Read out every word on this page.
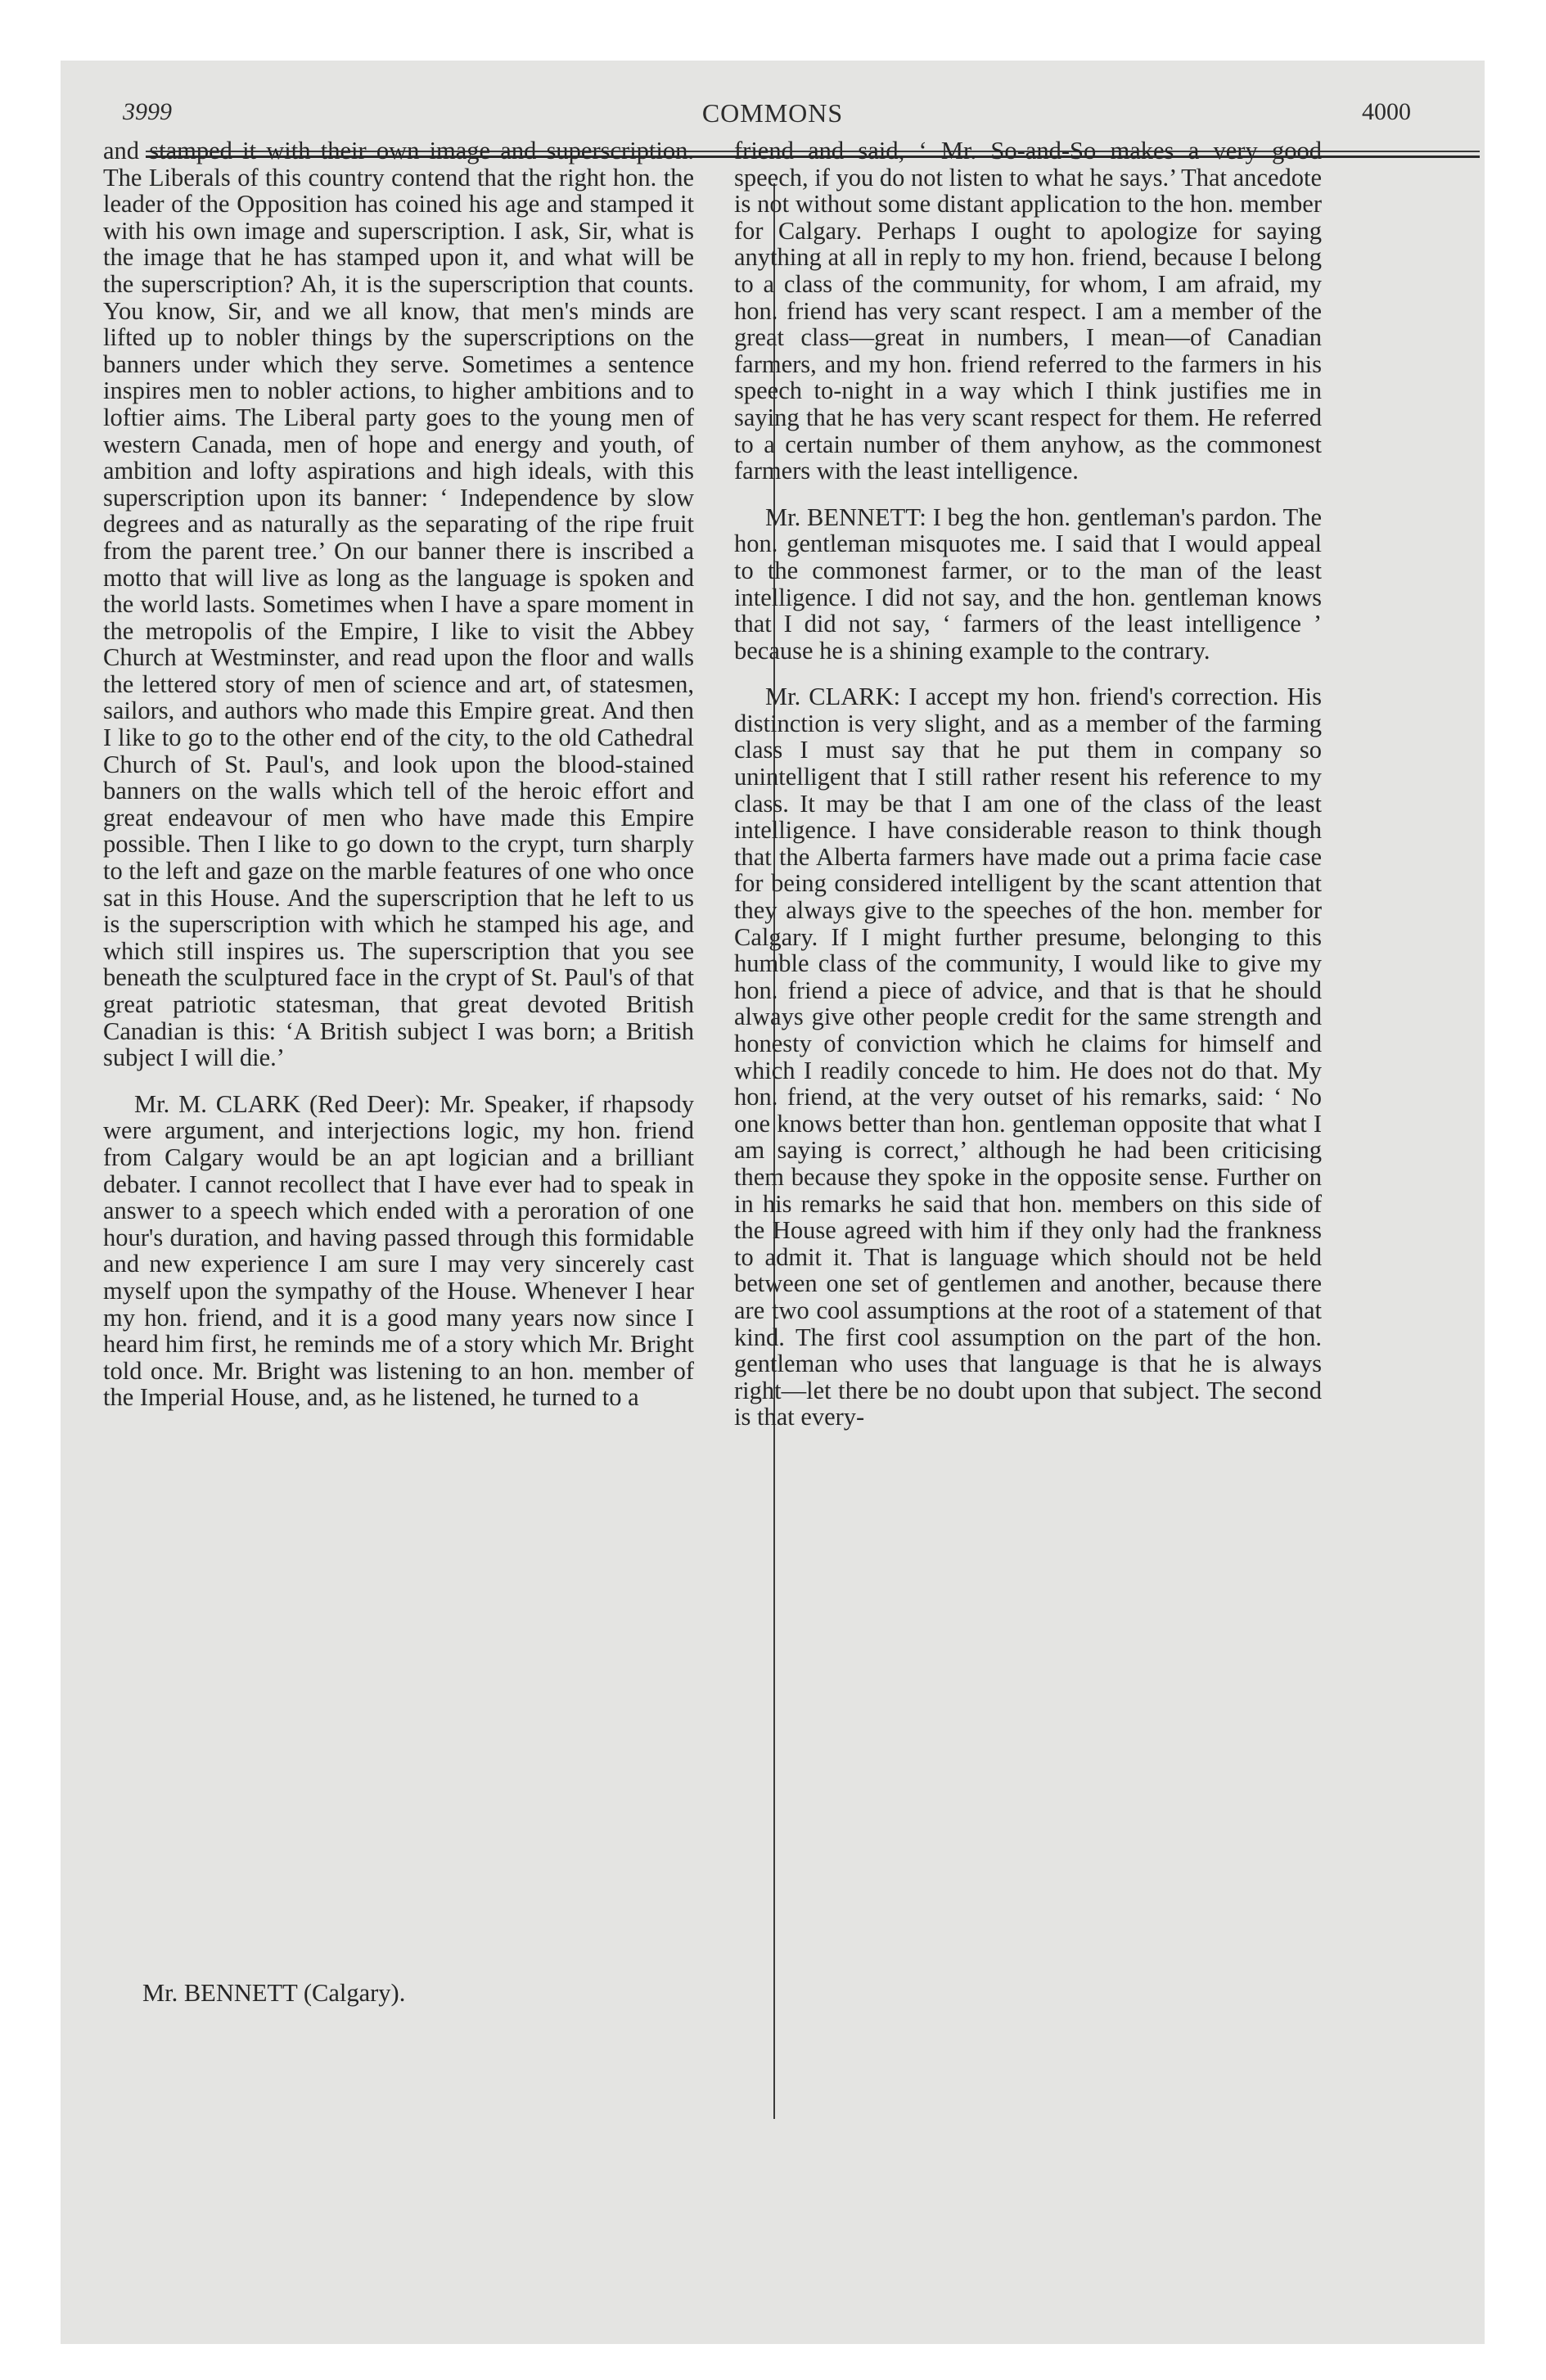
3999	COMMONS	4000

and stamped it with their own image and superscription. The Liberals of this country contend that the right hon. the leader of the Opposition has coined his age and stamped it with his own image and superscription. I ask, Sir, what is the image that he has stamped upon it, and what will be the superscription? Ah, it is the superscription that counts. You know, Sir, and we all know, that men's minds are lifted up to nobler things by the superscriptions on the banners under which they serve. Sometimes a sentence inspires men to nobler actions, to higher ambitions and to loftier aims. The Liberal party goes to the young men of western Canada, men of hope and energy and youth, of ambition and lofty aspirations and high ideals, with this superscription upon its banner: ‘ Independence by slow degrees and as naturally as the separating of the ripe fruit from the parent tree.’ On our banner there is inscribed a motto that will live as long as the language is spoken and the world lasts. Sometimes when I have a spare moment in the metropolis of the Empire, I like to visit the Abbey Church at Westminster, and read upon the floor and walls the lettered story of men of science and art, of statesmen, sailors, and authors who made this Empire great. And then I like to go to the other end of the city, to the old Cathedral Church of St. Paul's, and look upon the blood-stained banners on the walls which tell of the heroic effort and great endeavour of men who have made this Empire possible. Then I like to go down to the crypt, turn sharply to the left and gaze on the marble features of one who once sat in this House. And the superscription that he left to us is the superscription with which he stamped his age, and which still inspires us. The superscription that you see beneath the sculptured face in the crypt of St. Paul's of that great patriotic statesman, that great devoted British Canadian is this: ‘A British subject I was born; a British subject I will die.’

Mr. M. CLARK (Red Deer): Mr. Speaker, if rhapsody were argument, and interjections logic, my hon. friend from Calgary would be an apt logician and a brilliant debater. I cannot recollect that I have ever had to speak in answer to a speech which ended with a peroration of one hour's duration, and having passed through this formidable and new experience I am sure I may very sincerely cast myself upon the sympathy of the House. Whenever I hear my hon. friend, and it is a good many years now since I heard him first, he reminds me of a story which Mr. Bright told once. Mr. Bright was listening to an hon. member of the Imperial House, and, as he listened, he turned to a

Mr. BENNETT (Calgary).

friend and said, ‘ Mr. So-and-So makes a very good speech, if you do not listen to what he says.’ That ancedote is not without some distant application to the hon. member for Calgary. Perhaps I ought to apologize for saying anything at all in reply to my hon. friend, because I belong to a class of the community, for whom, I am afraid, my hon. friend has very scant respect. I am a member of the great class—great in numbers, I mean—of Canadian farmers, and my hon. friend referred to the farmers in his speech to-night in a way which I think justifies me in saying that he has very scant respect for them. He referred to a certain number of them anyhow, as the commonest farmers with the least intelligence.

Mr. BENNETT: I beg the hon. gentleman's pardon. The hon. gentleman misquotes me. I said that I would appeal to the commonest farmer, or to the man of the least intelligence. I did not say, and the hon. gentleman knows that I did not say, ‘ farmers of the least intelligence ’ because he is a shining example to the contrary.

Mr. CLARK: I accept my hon. friend's correction. His distinction is very slight, and as a member of the farming class I must say that he put them in company so unintelligent that I still rather resent his reference to my class. It may be that I am one of the class of the least intelligence. I have considerable reason to think though that the Alberta farmers have made out a prima facie case for being considered intelligent by the scant attention that they always give to the speeches of the hon. member for Calgary. If I might further presume, belonging to this humble class of the community, I would like to give my hon. friend a piece of advice, and that is that he should always give other people credit for the same strength and honesty of conviction which he claims for himself and which I readily concede to him. He does not do that. My hon. friend, at the very outset of his remarks, said: ‘ No one knows better than hon. gentleman opposite that what I am saying is correct,’ although he had been criticising them because they spoke in the opposite sense. Further on in his remarks he said that hon. members on this side of the House agreed with him if they only had the frankness to admit it. That is language which should not be held between one set of gentlemen and another, because there are two cool assumptions at the root of a statement of that kind. The first cool assumption on the part of the hon. gentleman who uses that language is that he is always right—let there be no doubt upon that subject. The second is that every-
